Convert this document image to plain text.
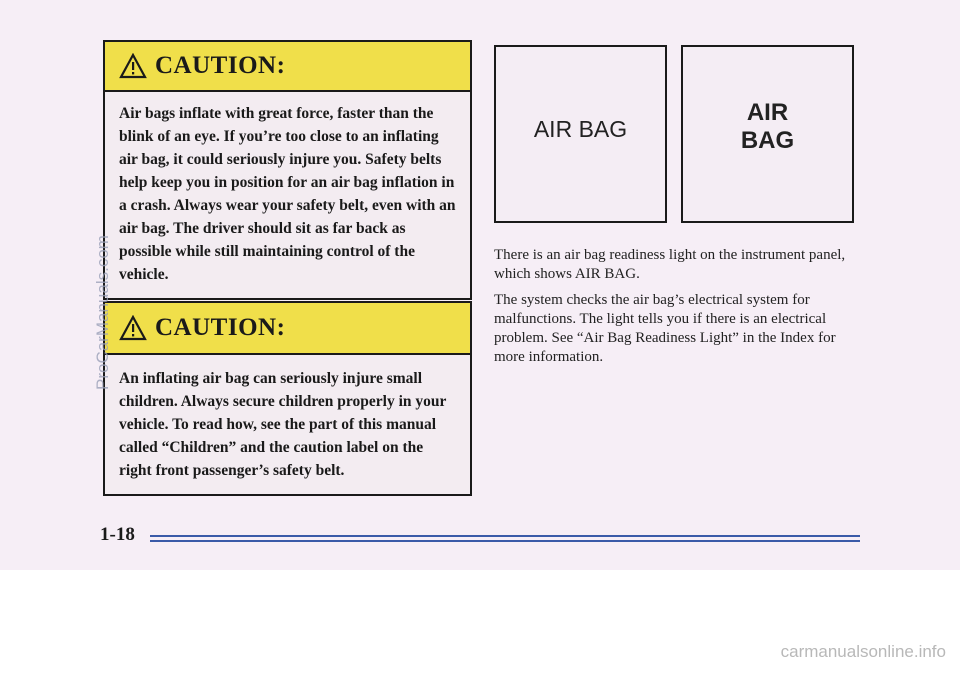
CAUTION:
Air bags inflate with great force, faster than the blink of an eye. If you’re too close to an inflating air bag, it could seriously injure you. Safety belts help keep you in position for an air bag inflation in a crash. Always wear your safety belt, even with an air bag. The driver should sit as far back as possible while still maintaining control of the vehicle.
CAUTION:
An inflating air bag can seriously injure small children. Always secure children properly in your vehicle. To read how, see the part of this manual called “Children” and the caution label on the right front passenger’s safety belt.
AIR BAG
AIR
BAG

There is an air bag readiness light on the instrument panel, which shows AIR BAG.

The system checks the air bag’s electrical system for malfunctions. The light tells you if there is an electrical problem. See “Air Bag Readiness Light” in the Index for more information.

1-18
ProCarManuals.com
carmanualsonline.info
